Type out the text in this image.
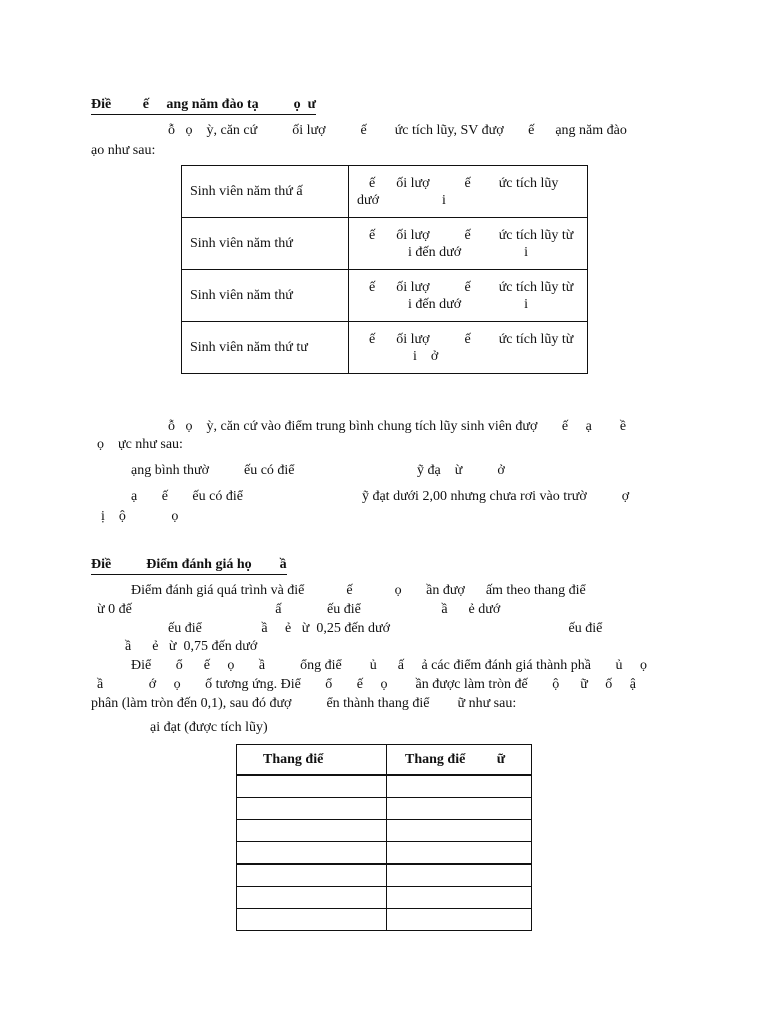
Điề         ế     ang năm đào tạ          ọ  ư
ỗ   ọ    ỳ, căn cứ          ối lượ          ế        ức tích lũy, SV đượ       ế      ạng năm đào
ạo như sau:
Sinh viên năm thứ ấ	ế      ối lượ          ế        ức tích lũy
dướ                  i

Sinh viên năm thứ	ế      ối lượ          ế        ức tích lũy từ
i đến dướ                  i

Sinh viên năm thứ	ế      ối lượ          ế        ức tích lũy từ
i đến dướ                  i

Sinh viên năm thứ tư	ế      ối lượ          ế        ức tích lũy từ
i    ở
ỗ   ọ    ỳ, căn cứ vào điểm trung bình chung tích lũy sinh viên đượ       ế     ạ        ề
ọ    ực như sau:
ạng bình thườ          ếu có điể                                   ỹ đạ    ừ          ở
ạ       ế       ếu có điể                                  ỹ đạt dưới 2,00 nhưng chưa rơi vào trườ          ợ
ị    ộ             ọ
Điề          Điểm đánh giá họ        ầ
Điểm đánh giá quá trình và điể            ế            ọ       ần đượ      ấm theo thang điể
ừ 0 đế                                         ấ             ếu điể                       ầ      ẻ dướ
ếu điể                 ầ     ẻ   ừ  0,25 đến dướ                                                   ếu điể
ầ      ẻ   ừ  0,75 đến dướ
Điể       ổ      ế     ọ       ầ          ổng điể        ủ      ấ     ả các điểm đánh giá thành phầ       ủ     ọ
ầ             ớ     ọ       ố tương ứng. Điể       ổ       ế     ọ        ần được làm tròn đế       ộ      ữ     ố     ậ
phân (làm tròn đến 0,1), sau đó đượ          ển thành thang điể        ữ như sau:
ại đạt (được tích lũy)
Thang điể	Thang điể         ữ
